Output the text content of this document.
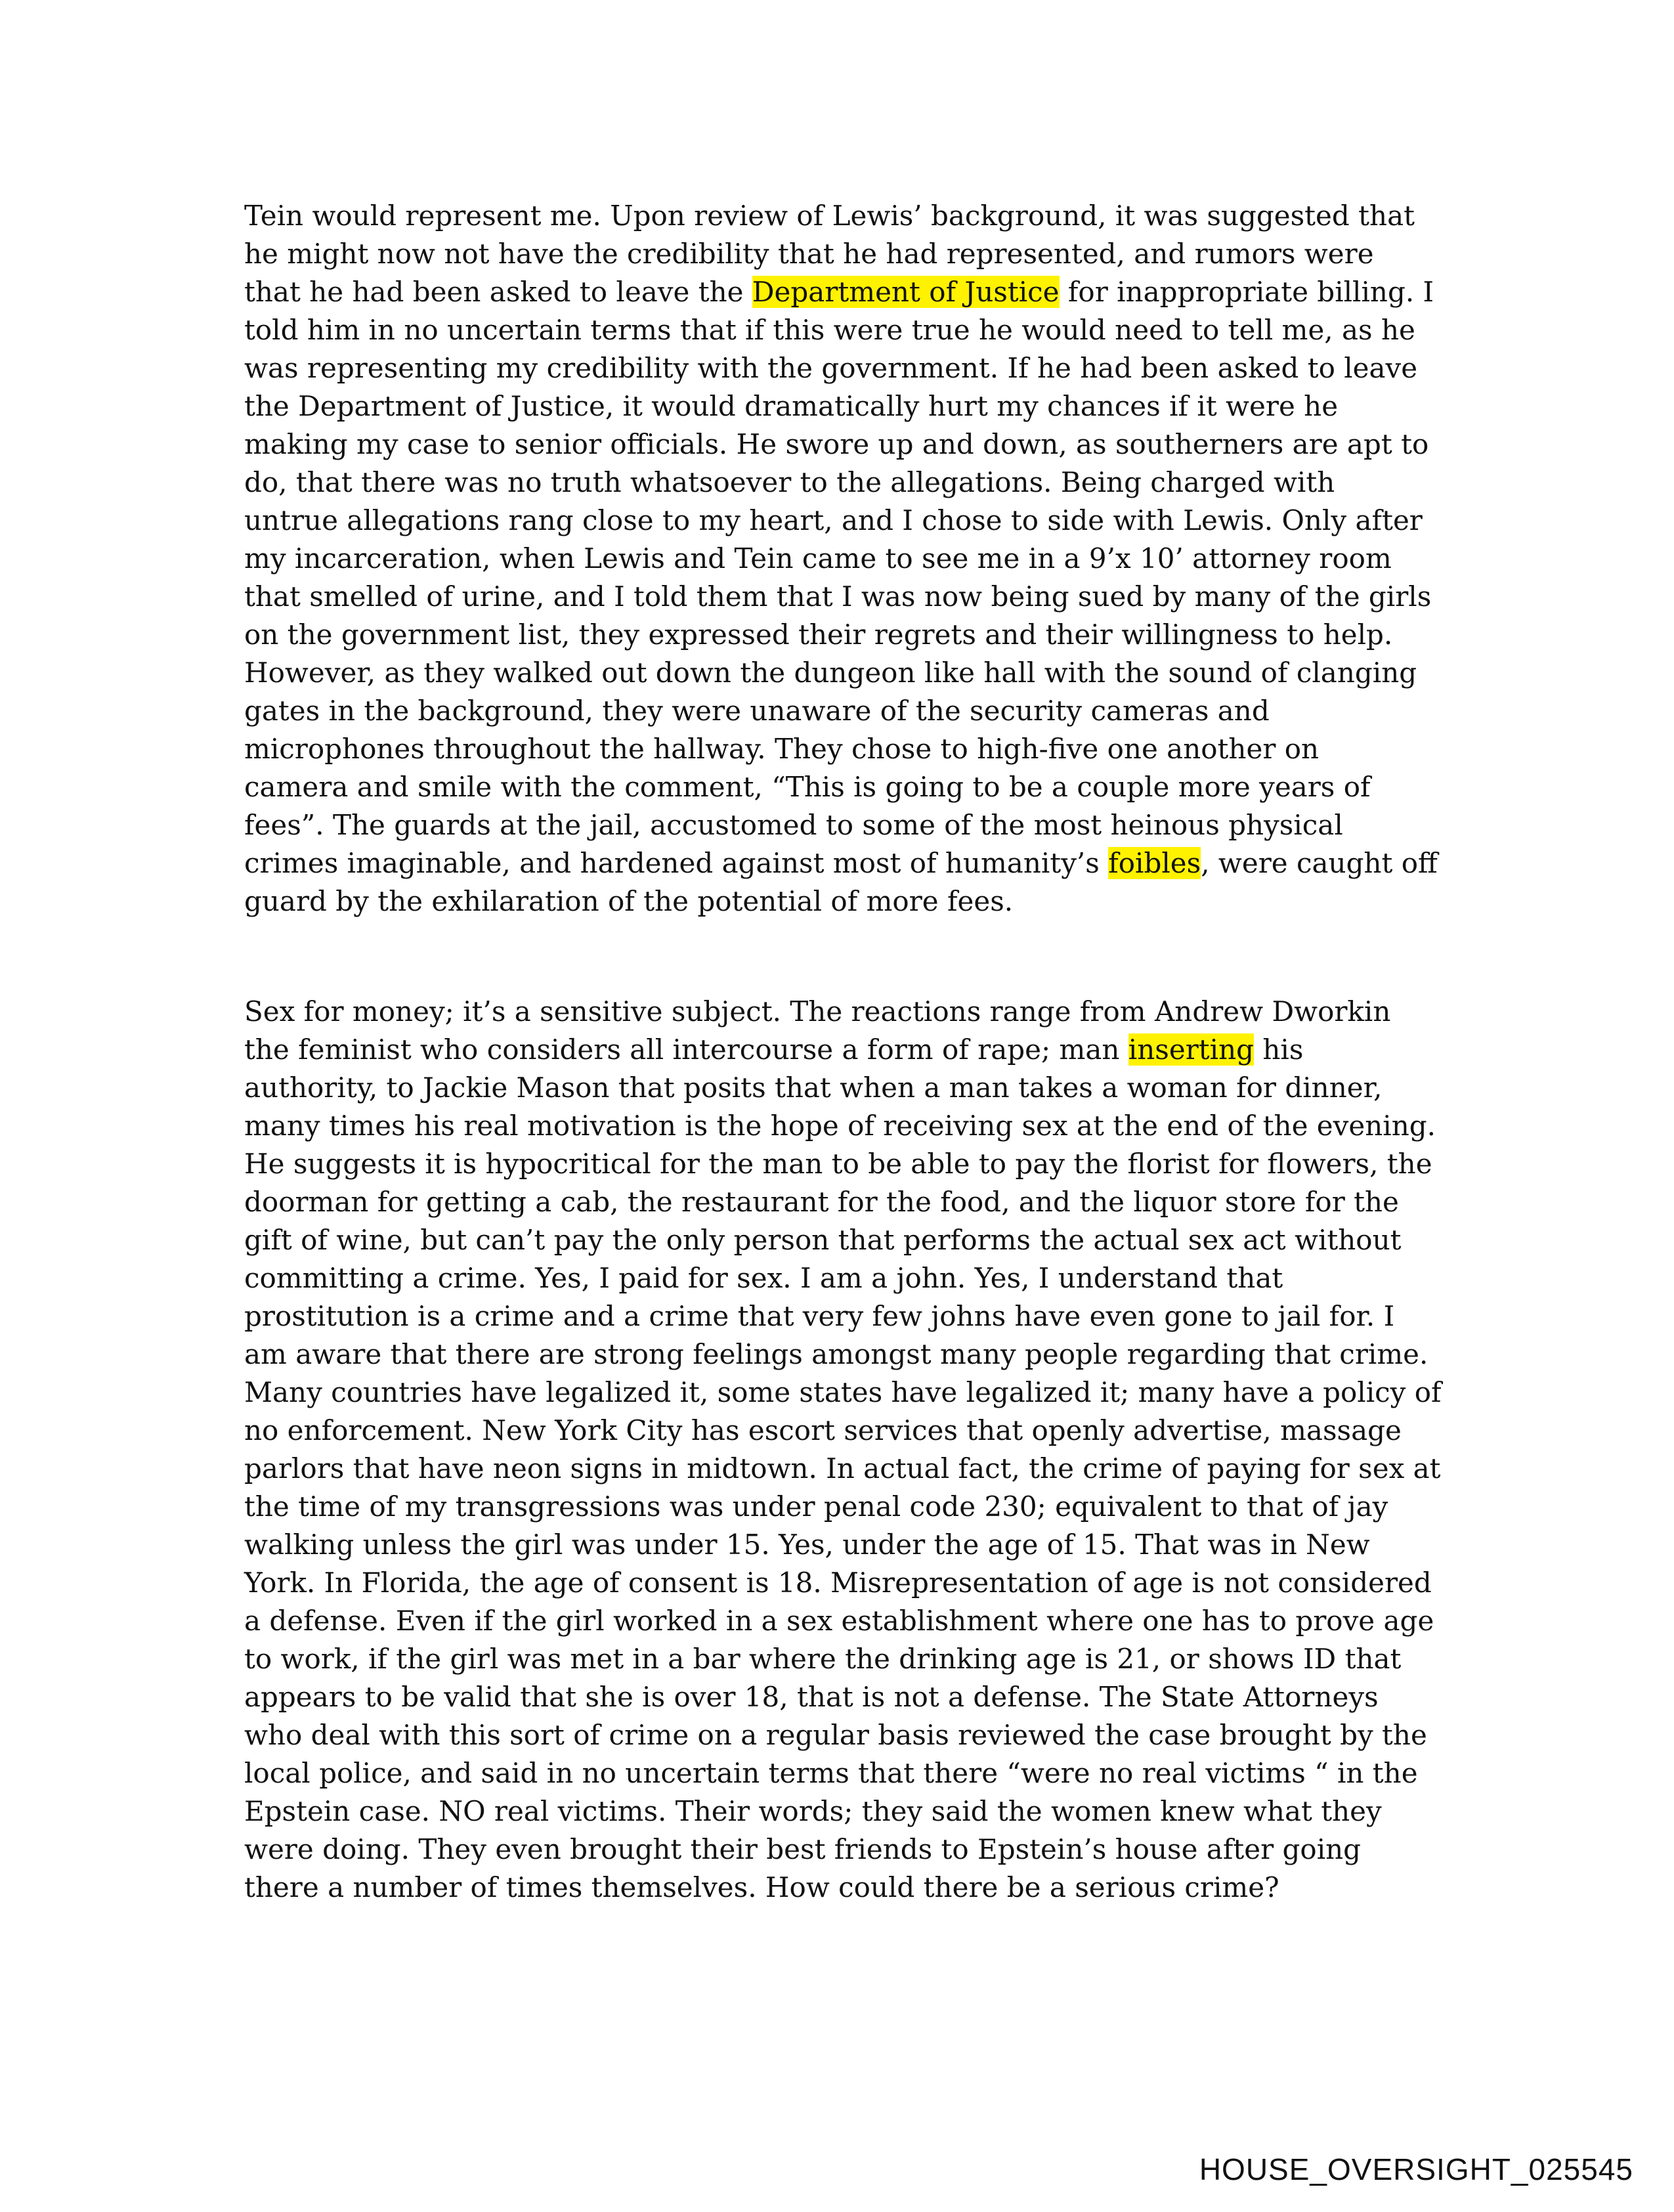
Tein would represent me. Upon review of Lewis’ background, it was suggested that
he might now not have the credibility that he had represented, and rumors were
that he had been asked to leave the Department of Justice for inappropriate billing. I
told him in no uncertain terms that if this were true he would need to tell me, as he
was representing my credibility with the government. If he had been asked to leave
the Department of Justice, it would dramatically hurt my chances if it were he
making my case to senior officials. He swore up and down, as southerners are apt to
do, that there was no truth whatsoever to the allegations. Being charged with
untrue allegations rang close to my heart, and I chose to side with Lewis. Only after
my incarceration, when Lewis and Tein came to see me in a 9’x 10’ attorney room
that smelled of urine, and I told them that I was now being sued by many of the girls
on the government list, they expressed their regrets and their willingness to help.
However, as they walked out down the dungeon like hall with the sound of clanging
gates in the background, they were unaware of the security cameras and
microphones throughout the hallway. They chose to high-five one another on
camera and smile with the comment, “This is going to be a couple more years of
fees”. The guards at the jail, accustomed to some of the most heinous physical
crimes imaginable, and hardened against most of humanity’s foibles, were caught off
guard by the exhilaration of the potential of more fees.
Sex for money; it’s a sensitive subject. The reactions range from Andrew Dworkin
the feminist who considers all intercourse a form of rape; man inserting his
authority, to Jackie Mason that posits that when a man takes a woman for dinner,
many times his real motivation is the hope of receiving sex at the end of the evening.
He suggests it is hypocritical for the man to be able to pay the florist for flowers, the
doorman for getting a cab, the restaurant for the food, and the liquor store for the
gift of wine, but can’t pay the only person that performs the actual sex act without
committing a crime. Yes, I paid for sex. I am a john. Yes, I understand that
prostitution is a crime and a crime that very few johns have even gone to jail for. I
am aware that there are strong feelings amongst many people regarding that crime.
Many countries have legalized it, some states have legalized it; many have a policy of
no enforcement. New York City has escort services that openly advertise, massage
parlors that have neon signs in midtown. In actual fact, the crime of paying for sex at
the time of my transgressions was under penal code 230; equivalent to that of jay
walking unless the girl was under 15. Yes, under the age of 15. That was in New
York. In Florida, the age of consent is 18. Misrepresentation of age is not considered
a defense. Even if the girl worked in a sex establishment where one has to prove age
to work, if the girl was met in a bar where the drinking age is 21, or shows ID that
appears to be valid that she is over 18, that is not a defense. The State Attorneys
who deal with this sort of crime on a regular basis reviewed the case brought by the
local police, and said in no uncertain terms that there “were no real victims “ in the
Epstein case. NO real victims. Their words; they said the women knew what they
were doing. They even brought their best friends to Epstein’s house after going
there a number of times themselves. How could there be a serious crime?
HOUSE_OVERSIGHT_025545
